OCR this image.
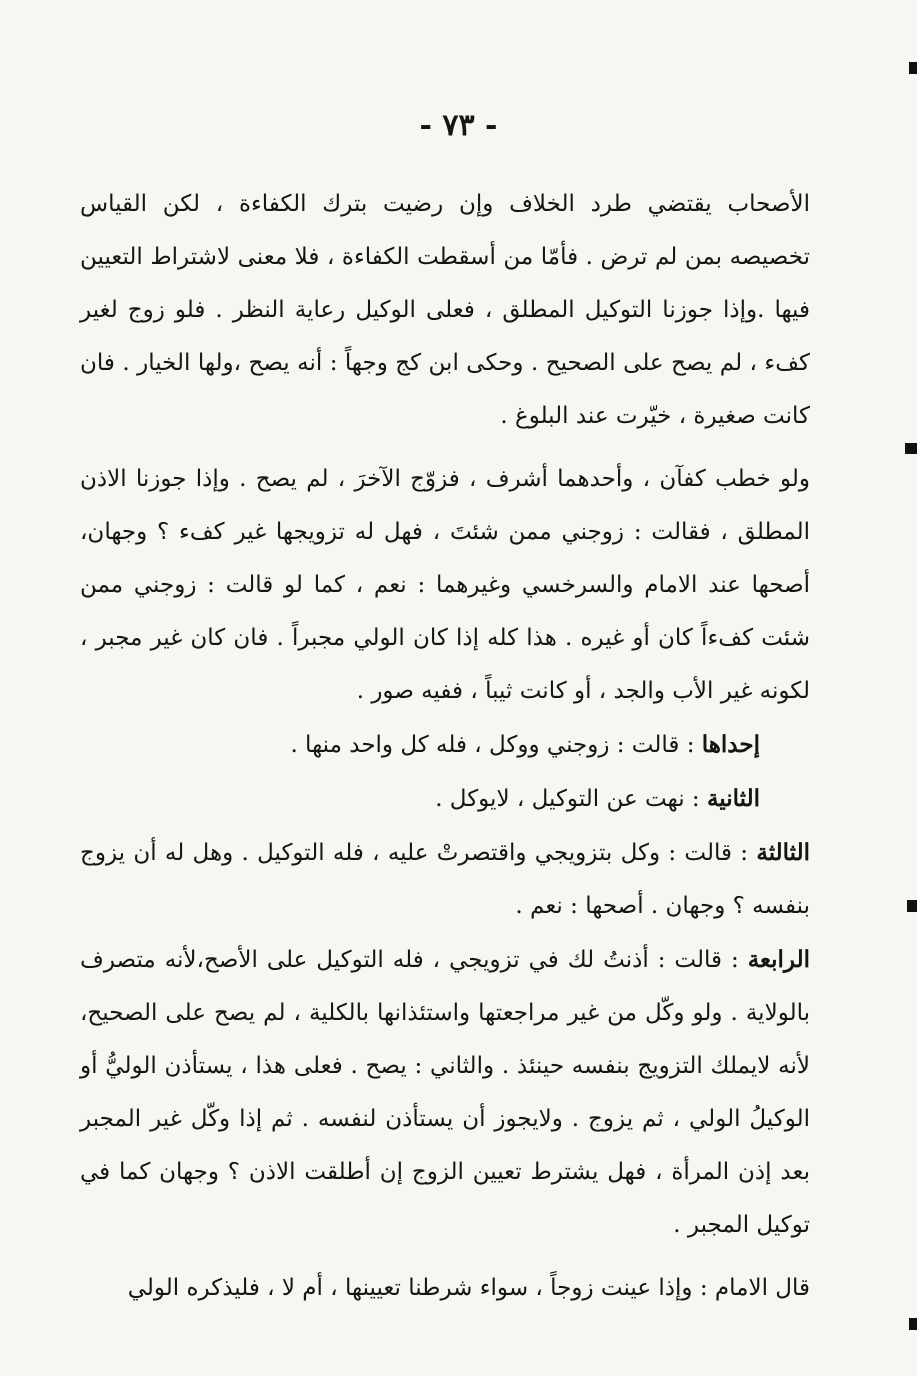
- ٧٣ -

الأصحاب يقتضي طرد الخلاف وإن رضيت بترك الكفاءة ، لكن القياس تخصيصه بمن لم ترض . فأمّا من أسقطت الكفاءة ، فلا معنى لاشتراط التعيين فيها .وإذا جوزنا التوكيل المطلق ، فعلى الوكيل رعاية النظر . فلو زوج لغير كفء ، لم يصح على الصحيح . وحكى ابن كج وجهاً : أنه يصح ،ولها الخيار . فان كانت صغيرة ، خيّرت عند البلوغ .

ولو خطب كفآن ، وأحدهما أشرف ، فزوّج الآخرَ ، لم يصح . وإذا جوزنا الاذن المطلق ، فقالت : زوجني ممن شئتَ ، فهل له تزويجها غير كفء ؟ وجهان، أصحها عند الامام والسرخسي وغيرهما : نعم ، كما لو قالت : زوجني ممن شئت كفءاً كان أو غيره . هذا كله إذا كان الولي مجبراً . فان كان غير مجبر ، لكونه غير الأب والجد ، أو كانت ثيباً ، ففيه صور .

إحداها : قالت : زوجني ووكل ، فله كل واحد منها .

الثانية : نهت عن التوكيل ، لايوكل .

الثالثة : قالت : وكل بتزويجي واقتصرتْ عليه ، فله التوكيل . وهل له أن يزوج بنفسه ؟ وجهان . أصحها : نعم .

الرابعة : قالت : أذنتُ لك في تزويجي ، فله التوكيل على الأصح،لأنه متصرف بالولاية . ولو وكّل من غير مراجعتها واستئذانها بالكلية ، لم يصح على الصحيح، لأنه لايملك التزويج بنفسه حينئذ . والثاني : يصح . فعلى هذا ، يستأذن الوليُّ أو الوكيلُ الولي ، ثم يزوج . ولايجوز أن يستأذن لنفسه . ثم إذا وكّل غير المجبر بعد إذن المرأة ، فهل يشترط تعيين الزوج إن أطلقت الاذن ؟ وجهان كما في توكيل المجبر .

قال الامام : وإذا عينت زوجاً ، سواء شرطنا تعيينها ، أم لا ، فليذكره الولي
